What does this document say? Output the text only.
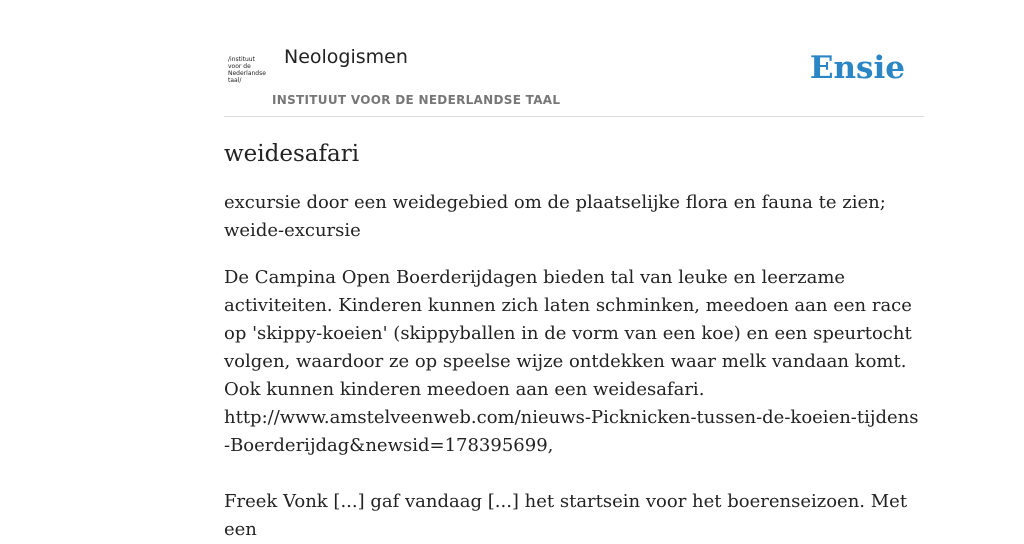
/instituut
voor de
Nederlandse
taal/
Neologismen
INSTITUUT VOOR DE NEDERLANDSE TAAL
Ensie
weidesafari

excursie door een weidegebied om de plaatselijke flora en fauna te zien; weide-excursie

De Campina Open Boerderijdagen bieden tal van leuke en leerzame activiteiten. Kinderen kunnen zich laten schminken, meedoen aan een race op 'skippy-koeien' (skippyballen in de vorm van een koe) en een speurtocht volgen, waardoor ze op speelse wijze ontdekken waar melk vandaan komt. Ook kunnen kinderen meedoen aan een weidesafari.
http://www.amstelveenweb.com/nieuws-Picknicken-tussen-de-koeien-tijdens-Boerderijdag&newsid=178395699,

Freek Vonk [...] gaf vandaag [...] het startsein voor het boerenseizoen. Met een
